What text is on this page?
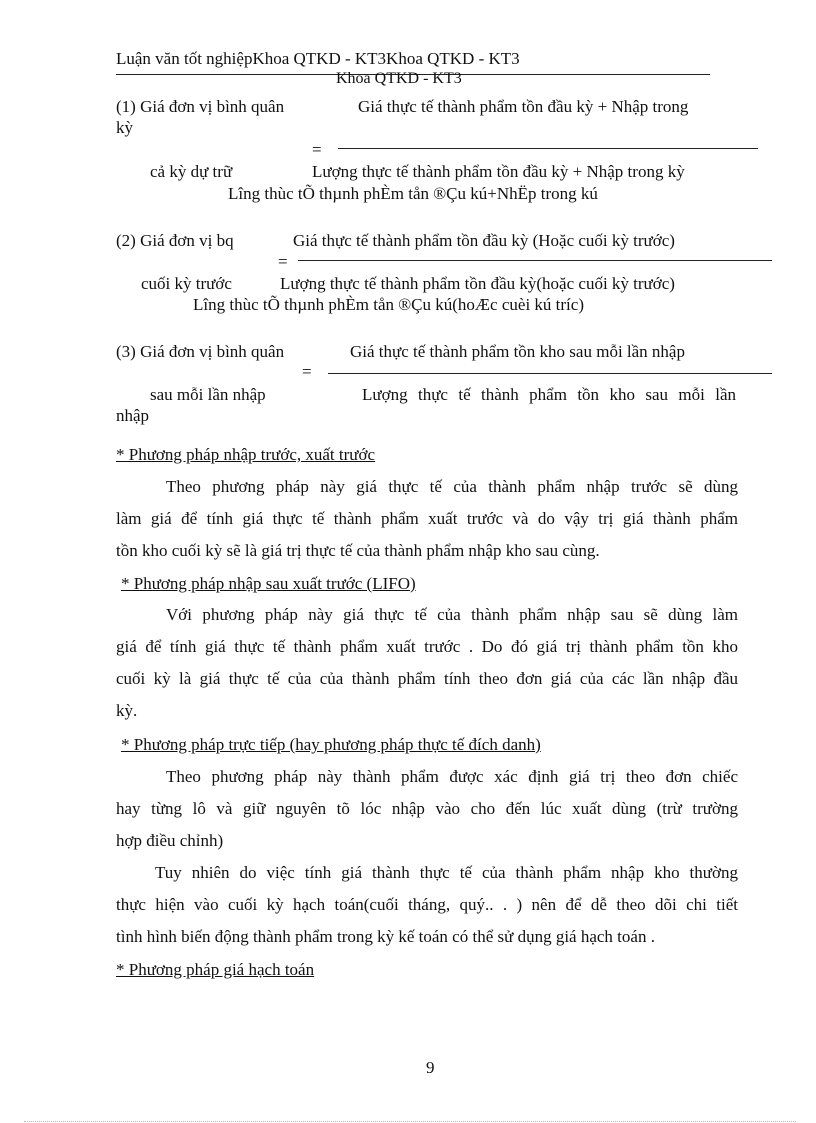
Luận văn tốt nghiệpKhoa QTKD - KT3Khoa QTKD - KT3
Khoa QTKD - KT3
(1) Giá đơn vị bình quân	Giá thực tế thành phẩm tồn đầu kỳ + Nhập trong
kỳ
=
cả kỳ dự trữ	Lượng thực tế thành phẩm tồn đầu kỳ + Nhập trong kỳ
Lîng thùc tÕ thµnh phÈm tån ®Çu kú+NhËp trong kú
(2) Giá đơn vị bq	Giá thực tế thành phẩm tồn đầu kỳ (Hoặc cuối kỳ trước)
=
cuối kỳ trước	Lượng thực tế thành phẩm tồn đầu kỳ(hoặc cuối kỳ trước)
Lîng thùc tÕ thµnh phÈm tån ®Çu kú(hoÆc cuèi kú tríc)
(3) Giá đơn vị bình quân	Giá thực tế thành phẩm tồn kho sau mỗi lần nhập
=
sau mỗi lần nhập	Lượng thực tế thành phẩm tồn kho sau mỗi lần
nhập
* Phương pháp nhập trước, xuất trước
Theo phương pháp này giá thực tế của thành phẩm nhập trước sẽ dùng
làm giá để tính giá thực tế thành phẩm xuất trước và do vậy trị giá thành phẩm
tồn kho cuối kỳ sẽ là giá trị thực tế của thành phẩm nhập kho sau cùng.
* Phương pháp nhập sau xuất trước (LIFO)
Với phương pháp này giá thực tế của thành phẩm nhập sau sẽ dùng làm
giá để tính giá thực tế thành phẩm xuất trước . Do đó giá trị thành phẩm tồn kho
cuối kỳ là giá thực tế của của thành phẩm tính theo đơn giá của các lần nhập đầu
kỳ.
* Phương pháp trực tiếp (hay phương pháp thực tế đích danh)
Theo phương pháp này thành phẩm được xác định giá trị theo đơn chiếc
hay từng lô và giữ nguyên tõ lóc nhập vào cho đến lúc xuất dùng (trừ trường
hợp điều chỉnh)
Tuy nhiên do việc tính giá thành thực tế của thành phẩm nhập kho thường
thực hiện vào cuối kỳ hạch toán(cuối tháng, quý.. . ) nên để dễ theo dõi chi tiết
tình hình biến động thành phẩm trong kỳ kế toán có thể sử dụng giá hạch toán .
* Phương pháp giá hạch toán
9
